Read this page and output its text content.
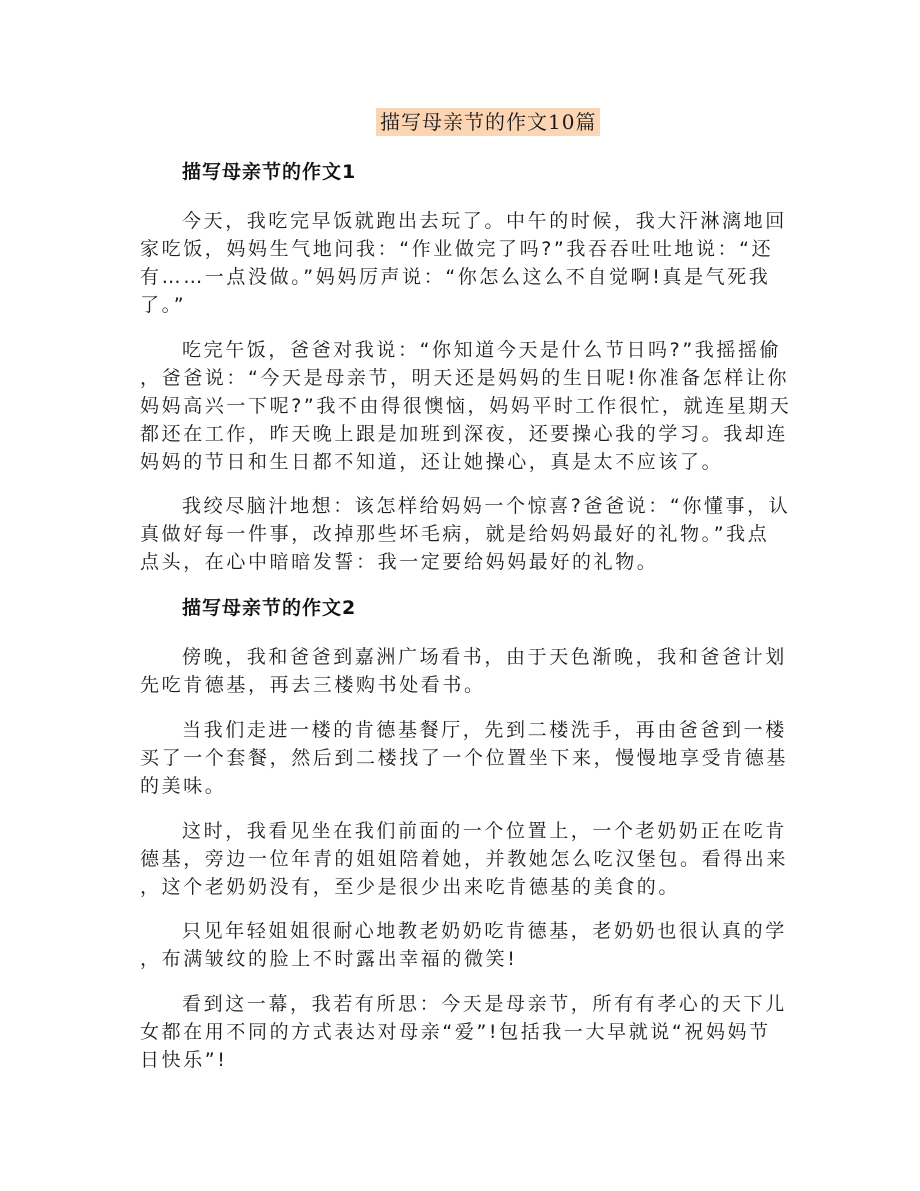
描写母亲节的作文10篇
描写母亲节的作文1
今天，我吃完早饭就跑出去玩了。中午的时候，我大汗淋漓地回
家吃饭，妈妈生气地问我：“作业做完了吗?”我吞吞吐吐地说：“还
有……一点没做。”妈妈厉声说：“你怎么这么不自觉啊!真是气死我
了。”
吃完午饭，爸爸对我说：“你知道今天是什么节日吗?”我摇摇偷
，爸爸说：“今天是母亲节，明天还是妈妈的生日呢!你准备怎样让你
妈妈高兴一下呢?”我不由得很懊恼，妈妈平时工作很忙，就连星期天
都还在工作，昨天晚上跟是加班到深夜，还要操心我的学习。我却连
妈妈的节日和生日都不知道，还让她操心，真是太不应该了。
我绞尽脑汁地想：该怎样给妈妈一个惊喜?爸爸说：“你懂事，认
真做好每一件事，改掉那些坏毛病，就是给妈妈最好的礼物。”我点
点头，在心中暗暗发誓：我一定要给妈妈最好的礼物。
描写母亲节的作文2
傍晚，我和爸爸到嘉洲广场看书，由于天色渐晚，我和爸爸计划
先吃肯德基，再去三楼购书处看书。
当我们走进一楼的肯德基餐厅，先到二楼洗手，再由爸爸到一楼
买了一个套餐，然后到二楼找了一个位置坐下来，慢慢地享受肯德基
的美味。
这时，我看见坐在我们前面的一个位置上，一个老奶奶正在吃肯
德基，旁边一位年青的姐姐陪着她，并教她怎么吃汉堡包。看得出来
，这个老奶奶没有，至少是很少出来吃肯德基的美食的。
只见年轻姐姐很耐心地教老奶奶吃肯德基，老奶奶也很认真的学
，布满皱纹的脸上不时露出幸福的微笑!
看到这一幕，我若有所思：今天是母亲节，所有有孝心的天下儿
女都在用不同的方式表达对母亲“爱”!包括我一大早就说“祝妈妈节
日快乐”!
